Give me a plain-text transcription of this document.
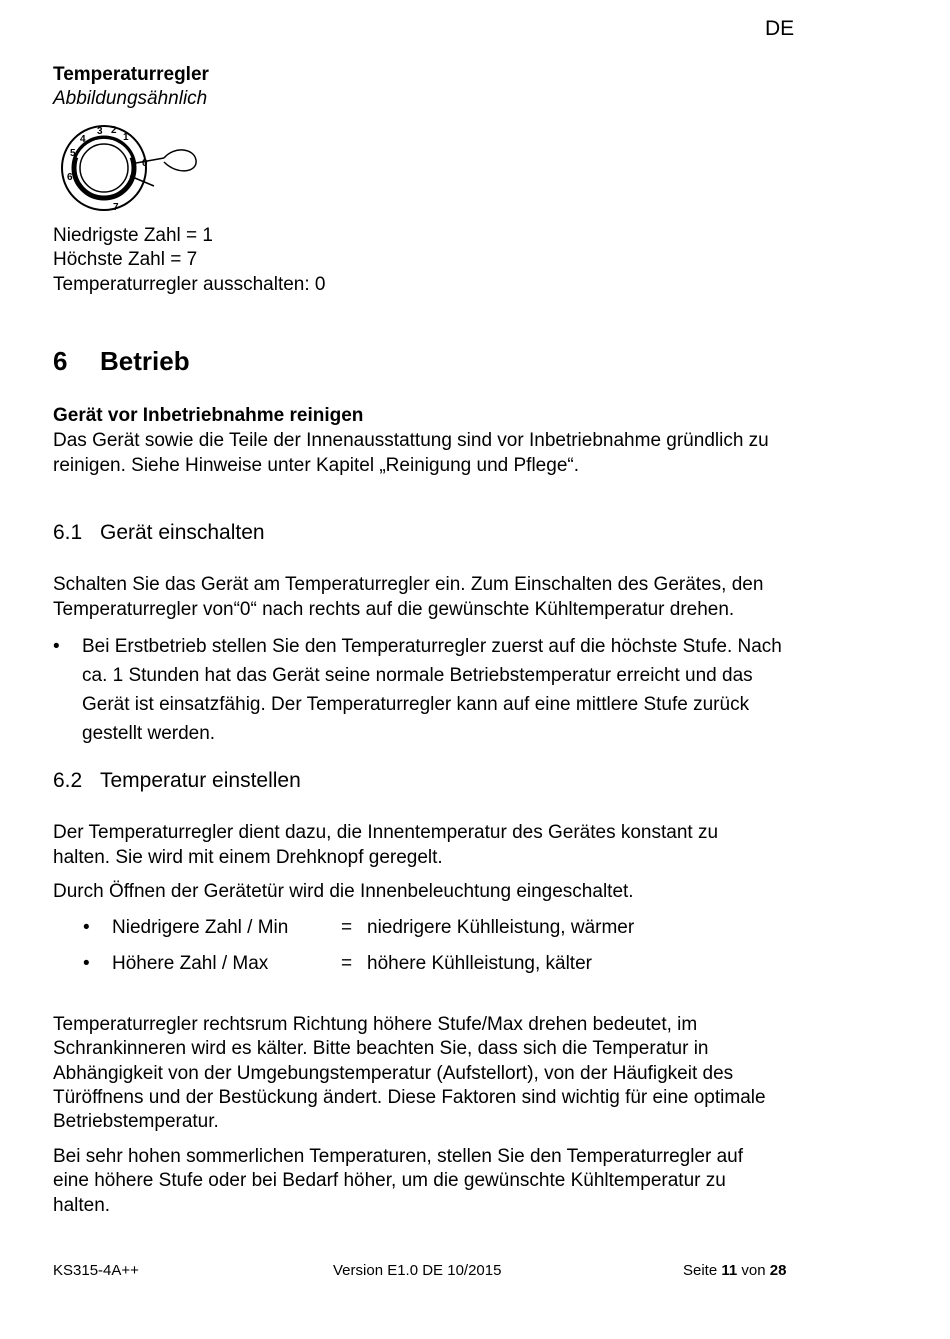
DE
Temperaturregler
Abbildungsähnlich
3
4
5
6
7
1
2
0
Niedrigste Zahl = 1
Höchste Zahl = 7
Temperaturregler ausschalten: 0
6 Betrieb
Gerät vor Inbetriebnahme reinigen
Das Gerät sowie die Teile der Innenausstattung sind vor Inbetriebnahme gründlich zu
reinigen. Siehe Hinweise unter Kapitel „Reinigung und Pflege“.
6.1 Gerät einschalten
Schalten Sie das Gerät am Temperaturregler ein. Zum Einschalten des Gerätes, den
Temperaturregler von“0“ nach rechts auf die gewünschte Kühltemperatur drehen.
•	Bei Erstbetrieb stellen Sie den Temperaturregler zuerst auf die höchste Stufe. Nach
ca. 1 Stunden hat das Gerät seine normale Betriebstemperatur erreicht und das
Gerät ist einsatzfähig. Der Temperaturregler kann auf eine mittlere Stufe zurück
gestellt werden.
6.2 Temperatur einstellen
Der Temperaturregler dient dazu, die Innentemperatur des Gerätes konstant zu
halten. Sie wird mit einem Drehknopf geregelt.
Durch Öffnen der Gerätetür wird die Innenbeleuchtung eingeschaltet.
•	Niedrigere Zahl / Min	= niedrigere Kühlleistung, wärmer
•	Höhere Zahl / Max	= höhere Kühlleistung, kälter
Temperaturregler rechtsrum Richtung höhere Stufe/Max drehen bedeutet, im
Schrankinneren wird es kälter. Bitte beachten Sie, dass sich die Temperatur in
Abhängigkeit von der Umgebungstemperatur (Aufstellort), von der Häufigkeit des
Türöffnens und der Bestückung ändert. Diese Faktoren sind wichtig für eine optimale
Betriebstemperatur.
Bei sehr hohen sommerlichen Temperaturen, stellen Sie den Temperaturregler auf
eine höhere Stufe oder bei Bedarf höher, um die gewünschte Kühltemperatur zu
halten.
KS315-4A++	Version E1.0 DE 10/2015	Seite 11 von 28
